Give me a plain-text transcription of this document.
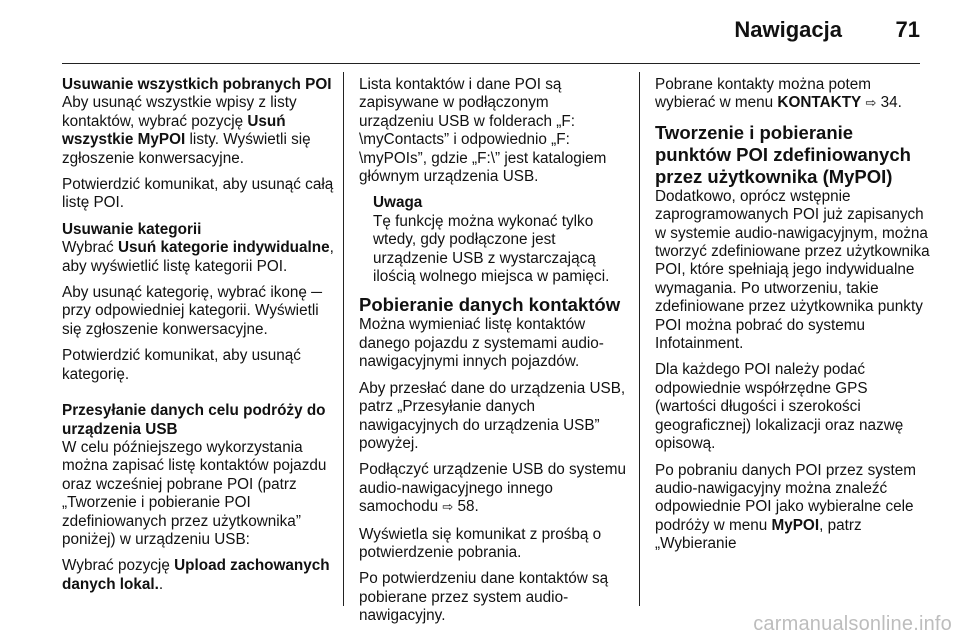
Nawigacja 71
Usuwanie wszystkich pobranych POI

Aby usunąć wszystkie wpisy z listy kontaktów, wybrać pozycję Usuń wszystkie MyPOI listy. Wyświetli się zgłoszenie konwersacyjne.

Potwierdzić komunikat, aby usunąć całą listę POI.

Usuwanie kategorii

Wybrać Usuń kategorie indywidualne, aby wyświetlić listę kategorii POI.

Aby usunąć kategorię, wybrać ikonę ─ przy odpowiedniej kategorii. Wyświetli się zgłoszenie konwersacyjne.

Potwierdzić komunikat, aby usunąć kategorię.

Przesyłanie danych celu podróży do urządzenia USB

W celu późniejszego wykorzystania można zapisać listę kontaktów pojazdu oraz wcześniej pobrane POI (patrz „Tworzenie i pobieranie POI zdefiniowanych przez użytkownika” poniżej) w urządzeniu USB:

Wybrać pozycję Upload zachowanych danych lokal..

Lista kontaktów i dane POI są zapisywane w podłączonym urządzeniu USB w folderach „F: \myContacts” i odpowiednio „F: \myPOIs”, gdzie „F:\” jest katalogiem głównym urządzenia USB.

Uwaga
Tę funkcję można wykonać tylko wtedy, gdy podłączone jest urządzenie USB z wystarczającą ilością wolnego miejsca w pamięci.
Pobieranie danych kontaktów

Można wymieniać listę kontaktów danego pojazdu z systemami audio-nawigacyjnymi innych pojazdów.

Aby przesłać dane do urządzenia USB, patrz „Przesyłanie danych nawigacyjnych do urządzenia USB” powyżej.

Podłączyć urządzenie USB do systemu audio-nawigacyjnego innego samochodu ⇨ 58.

Wyświetla się komunikat z prośbą o potwierdzenie pobrania.

Po potwierdzeniu dane kontaktów są pobierane przez system audio-nawigacyjny.

Pobrane kontakty można potem wybierać w menu KONTAKTY ⇨ 34.

Tworzenie i pobieranie punktów POI zdefiniowanych przez użytkownika (MyPOI)

Dodatkowo, oprócz wstępnie zaprogramowanych POI już zapisanych w systemie audio-nawigacyjnym, można tworzyć zdefiniowane przez użytkownika POI, które spełniają jego indywidualne wymagania. Po utworzeniu, takie zdefiniowane przez użytkownika punkty POI można pobrać do systemu Infotainment.

Dla każdego POI należy podać odpowiednie współrzędne GPS (wartości długości i szerokości geograficznej) lokalizacji oraz nazwę opisową.

Po pobraniu danych POI przez system audio-nawigacyjny można znaleźć odpowiednie POI jako wybieralne cele podróży w menu MyPOI, patrz „Wybieranie

carmanualsonline.info
